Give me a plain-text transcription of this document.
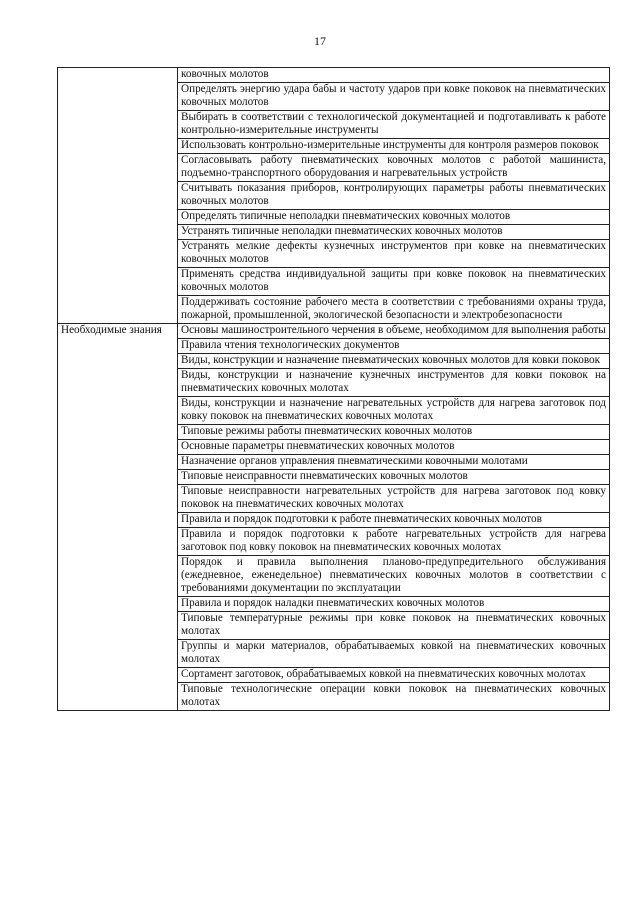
17
	ковочных молотов
	Определять энергию удара бабы и частоту ударов при ковке поковок на пневматических ковочных молотов
	Выбирать в соответствии с технологической документацией и подготавливать к работе контрольно-измерительные инструменты
	Использовать контрольно-измерительные инструменты для контроля размеров поковок
	Согласовывать работу пневматических ковочных молотов с работой машиниста, подъемно-транспортного оборудования и нагревательных устройств
	Считывать показания приборов, контролирующих параметры работы пневматических ковочных молотов
	Определять типичные неполадки пневматических ковочных молотов
	Устранять типичные неполадки пневматических ковочных молотов
	Устранять мелкие дефекты кузнечных инструментов при ковке на пневматических ковочных молотов
	Применять средства индивидуальной защиты при ковке поковок на пневматических ковочных молотов
	Поддерживать состояние рабочего места в соответствии с требованиями охраны труда, пожарной, промышленной, экологической безопасности и электробезопасности
Необходимые знания	Основы машиностроительного черчения в объеме, необходимом для выполнения работы
	Правила чтения технологических документов
	Виды, конструкции и назначение пневматических ковочных молотов для ковки поковок
	Виды, конструкции и назначение кузнечных инструментов для ковки поковок на пневматических ковочных молотах
	Виды, конструкции и назначение нагревательных устройств для нагрева заготовок под ковку поковок на пневматических ковочных молотах
	Типовые режимы работы пневматических ковочных молотов
	Основные параметры пневматических ковочных молотов
	Назначение органов управления пневматическими ковочными молотами
	Типовые неисправности пневматических ковочных молотов
	Типовые неисправности нагревательных устройств для нагрева заготовок под ковку поковок на пневматических ковочных молотах
	Правила и порядок подготовки к работе пневматических ковочных молотов
	Правила и порядок подготовки к работе нагревательных устройств для нагрева заготовок под ковку поковок на пневматических ковочных молотах
	Порядок и правила выполнения планово-предупредительного обслуживания (ежедневное, еженедельное) пневматических ковочных молотов в соответствии с требованиями документации по эксплуатации
	Правила и порядок наладки пневматических ковочных молотов
	Типовые температурные режимы при ковке поковок на пневматических ковочных молотах
	Группы и марки материалов, обрабатываемых ковкой на пневматических ковочных молотах
	Сортамент заготовок, обрабатываемых ковкой на пневматических ковочных молотах
	Типовые технологические операции ковки поковок на пневматических ковочных молотах
